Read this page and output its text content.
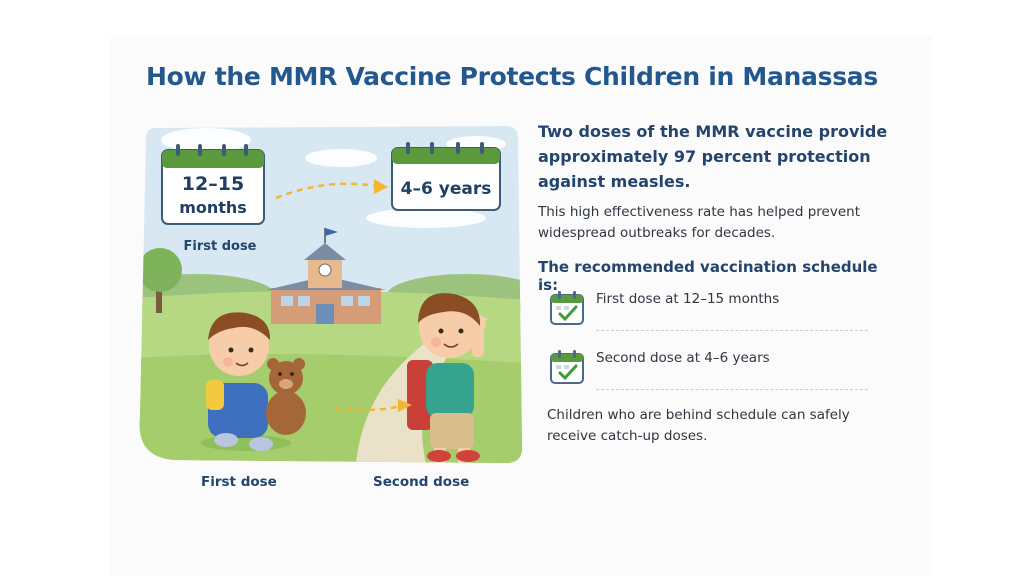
How the MMR Vaccine Protects Children in Manassas
12–15
months
First dose
4–6 years
First dose	Second dose

Two doses of the MMR vaccine provide approximately 97 percent protection against measles.

This high effectiveness rate has helped prevent widespread outbreaks for decades.

The recommended vaccination schedule is:
First dose at 12–15 months
Second dose at 4–6 years

Children who are behind schedule can safely receive catch-up doses.
